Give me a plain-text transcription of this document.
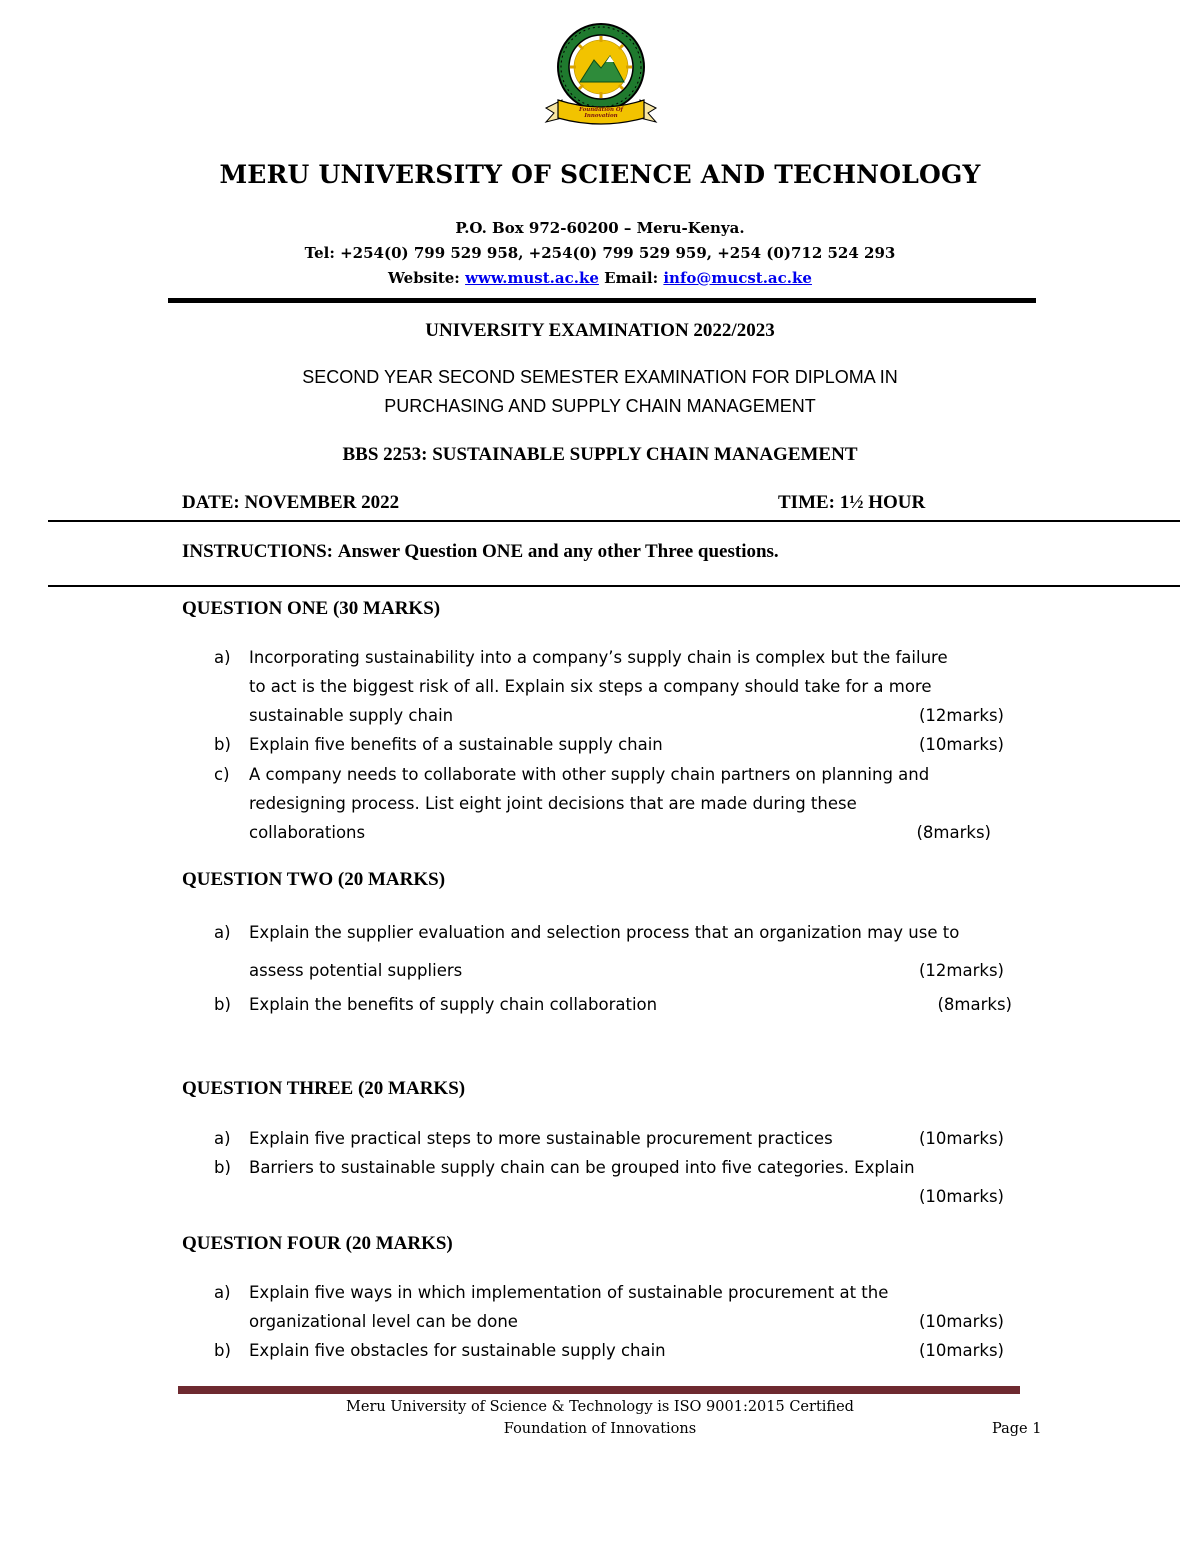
Foundation Of Innovation
MERU UNIVERSITY OF SCIENCE AND TECHNOLOGY
P.O. Box 972-60200 – Meru-Kenya.
Tel: +254(0) 799 529 958, +254(0) 799 529 959, +254 (0)712 524 293
Website: www.must.ac.ke Email: info@mucst.ac.ke
UNIVERSITY EXAMINATION 2022/2023
SECOND YEAR SECOND SEMESTER EXAMINATION FOR DIPLOMA IN
PURCHASING AND SUPPLY CHAIN MANAGEMENT
BBS 2253: SUSTAINABLE SUPPLY CHAIN MANAGEMENT
DATE: NOVEMBER 2022	TIME: 1½ HOUR
INSTRUCTIONS: Answer Question ONE and any other Three questions.
QUESTION ONE (30 MARKS)
a)	Incorporating sustainability into a company’s supply chain is complex but the failure
to act is the biggest risk of all. Explain six steps a company should take for a more
sustainable supply chain	(12marks)
b)	Explain five benefits of a sustainable supply chain	(10marks)
c)	A company needs to collaborate with other supply chain partners on planning and
redesigning process. List eight joint decisions that are made during these
collaborations	(8marks)
QUESTION TWO (20 MARKS)
a)	Explain the supplier evaluation and selection process that an organization may use to
assess potential suppliers	(12marks)
b)	Explain the benefits of supply chain collaboration	(8marks)
QUESTION THREE (20 MARKS)
a)	Explain five practical steps to more sustainable procurement practices	(10marks)
b)	Barriers to sustainable supply chain can be grouped into five categories. Explain
(10marks)
QUESTION FOUR (20 MARKS)
a)	Explain five ways in which implementation of sustainable procurement at the
organizational level can be done	(10marks)
b)	Explain five obstacles for sustainable supply chain	(10marks)
Meru University of Science & Technology is ISO 9001:2015 Certified
Foundation of Innovations	Page 1
